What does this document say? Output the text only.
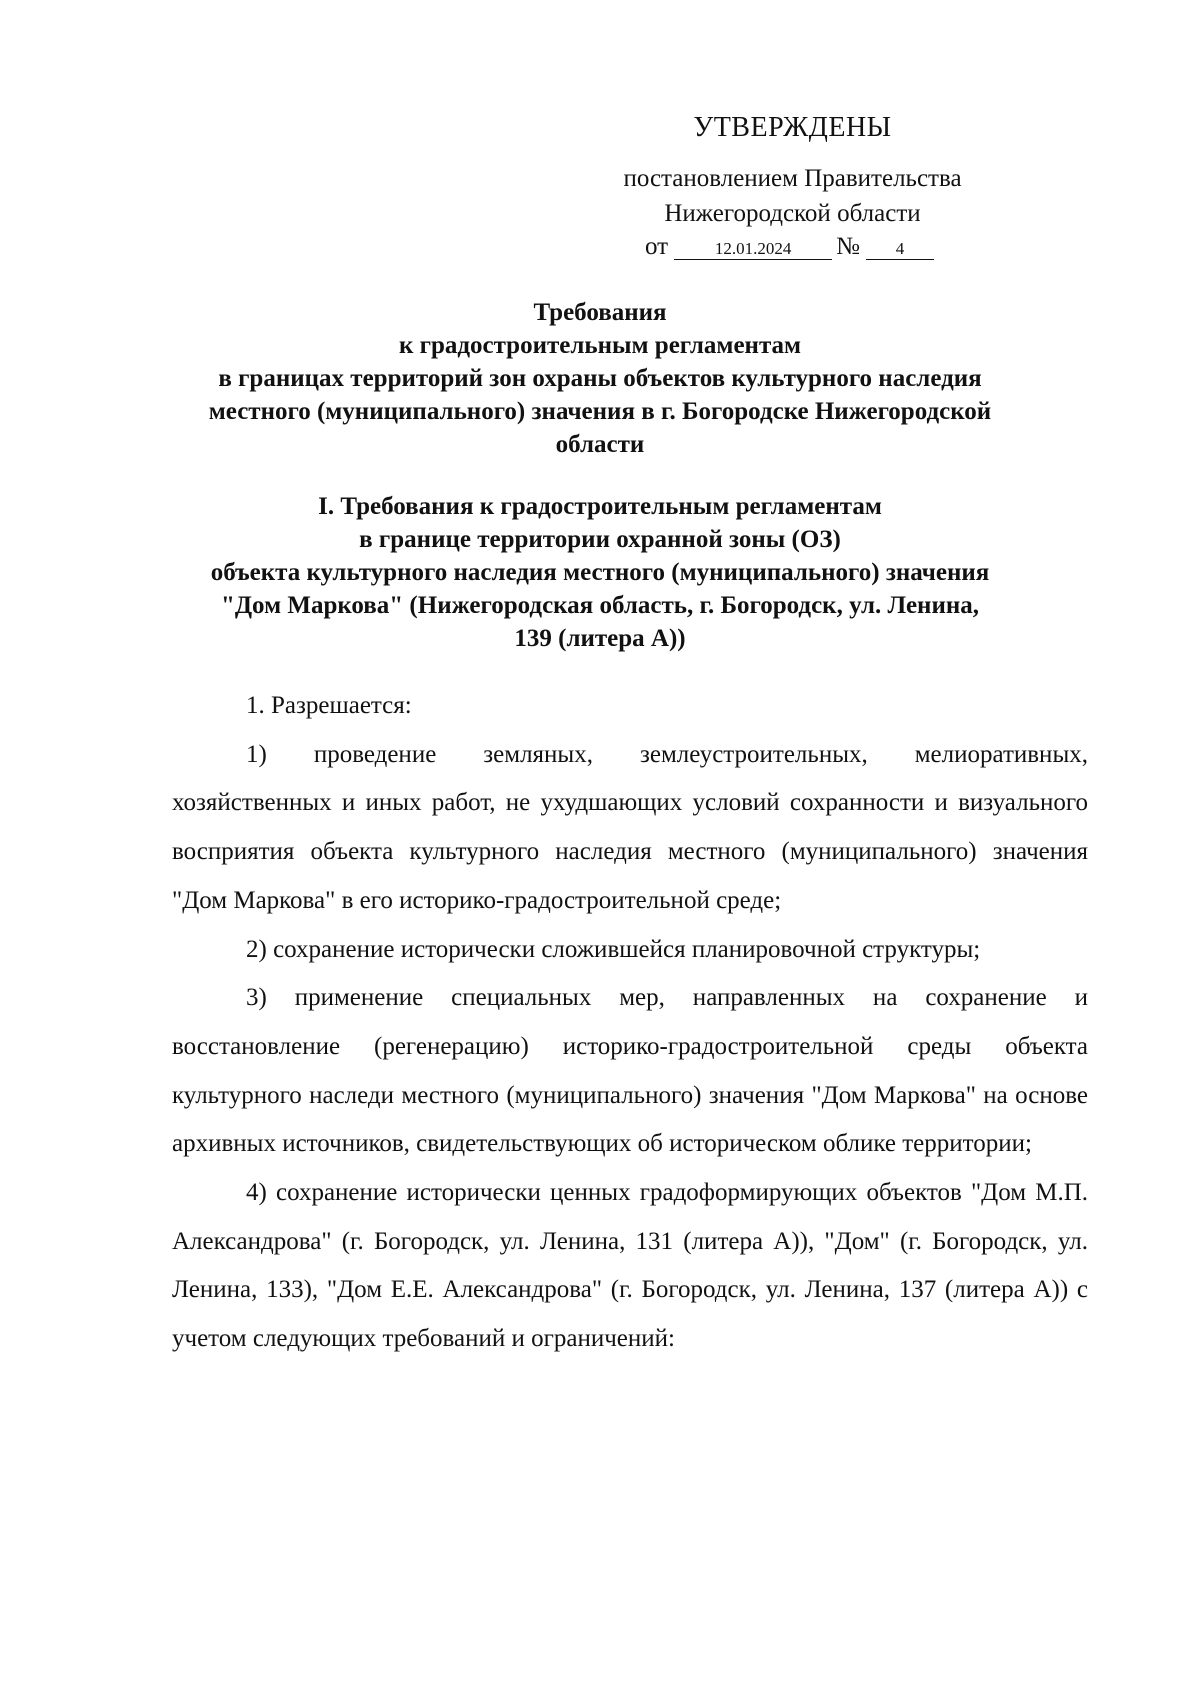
УТВЕРЖДЕНЫ
постановлением Правительства
Нижегородской области
от	12.01.2024 № 4
Требования
к градостроительным регламентам
в границах территорий зон охраны объектов культурного наследия
местного (муниципального) значения в г. Богородске Нижегородской
области
I. Требования к градостроительным регламентам
в границе территории охранной зоны (ОЗ)
объекта культурного наследия местного (муниципального) значения
"Дом Маркова" (Нижегородская область, г. Богородск, ул. Ленина,
139 (литера А))

1. Разрешается:

1) проведение земляных, землеустроительных, мелиоративных, хозяйственных и иных работ, не ухудшающих условий сохранности и визуального восприятия объекта культурного наследия местного (муниципального) значения "Дом Маркова" в его историко-градостроительной среде;

2) сохранение исторически сложившейся планировочной структуры;

3) применение специальных мер, направленных на сохранение и восстановление (регенерацию) историко-градостроительной среды объекта культурного наследи местного (муниципального) значения "Дом Маркова" на основе архивных источников, свидетельствующих об историческом облике территории;

4) сохранение исторически ценных градоформирующих объектов "Дом М.П. Александрова" (г. Богородск, ул. Ленина, 131 (литера А)), "Дом" (г. Богородск, ул. Ленина, 133), "Дом Е.Е. Александрова" (г. Богородск, ул. Ленина, 137 (литера А)) с учетом следующих требований и ограничений:
